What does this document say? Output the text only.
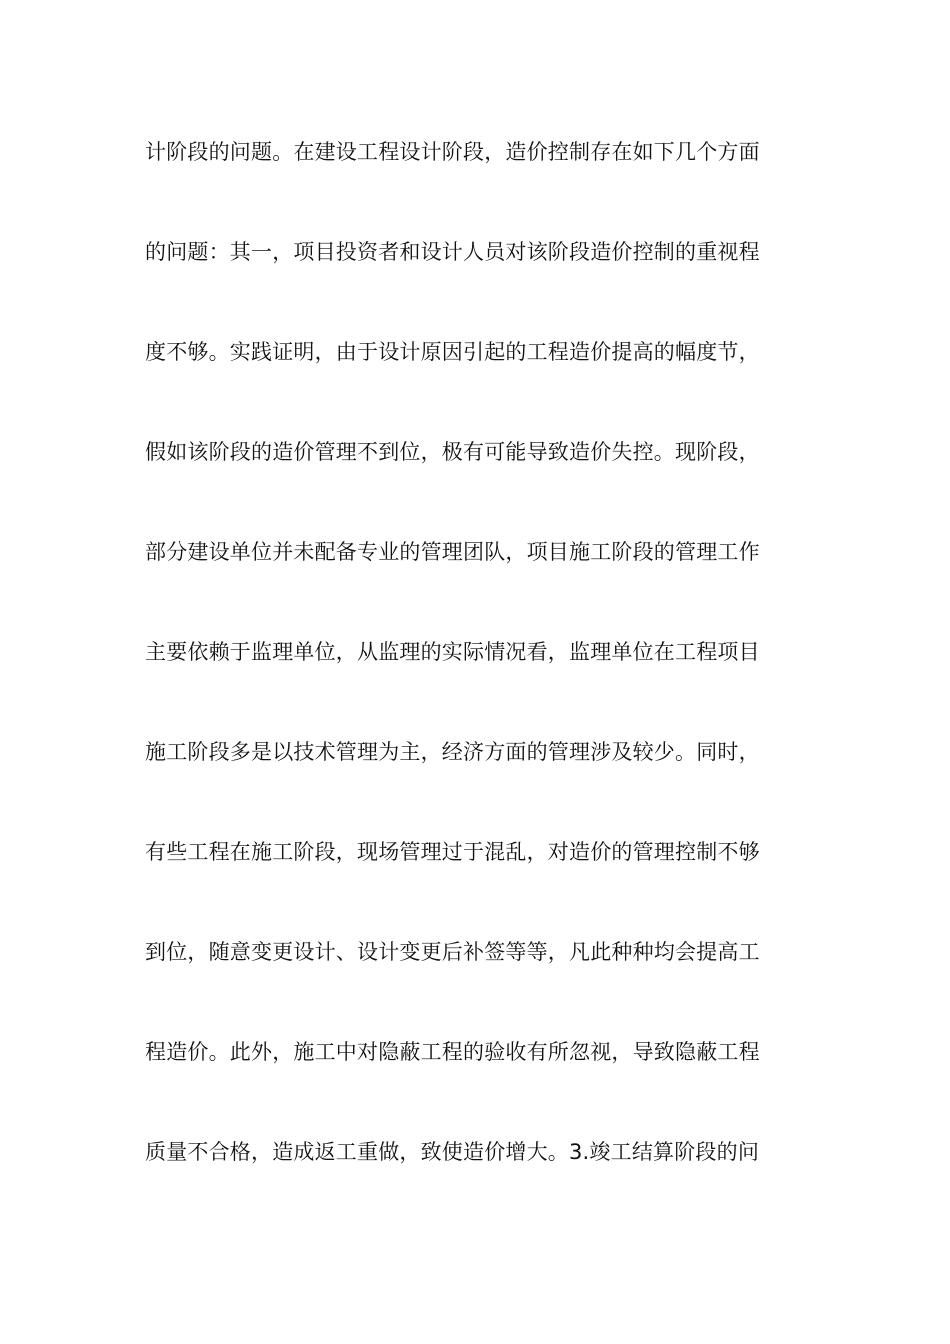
计阶段的问题。在建设工程设计阶段，造价控制存在如下几个方面
的问题：其一，项目投资者和设计人员对该阶段造价控制的重视程
度不够。实践证明，由于设计原因引起的工程造价提高的幅度节，
假如该阶段的造价管理不到位，极有可能导致造价失控。现阶段，
部分建设单位并未配备专业的管理团队，项目施工阶段的管理工作
主要依赖于监理单位，从监理的实际情况看，监理单位在工程项目
施工阶段多是以技术管理为主，经济方面的管理涉及较少。同时，
有些工程在施工阶段，现场管理过于混乱，对造价的管理控制不够
到位，随意变更设计、设计变更后补签等等，凡此种种均会提高工
程造价。此外，施工中对隐蔽工程的验收有所忽视，导致隐蔽工程
质量不合格，造成返工重做，致使造价增大。3.竣工结算阶段的问
